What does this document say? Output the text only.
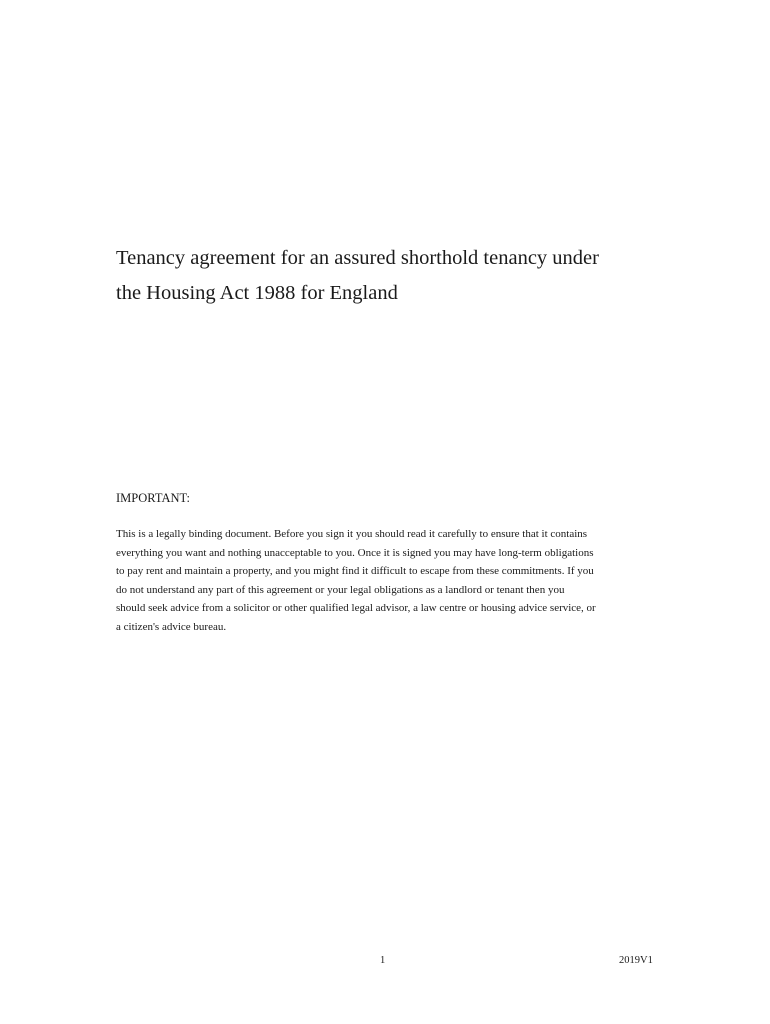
Tenancy agreement for an assured shorthold tenancy under
the Housing Act 1988 for England

IMPORTANT:

This is a legally binding document. Before you sign it you should read it carefully to ensure that it contains
everything you want and nothing unacceptable to you. Once it is signed you may have long-term obligations
to pay rent and maintain a property, and you might find it difficult to escape from these commitments. If you
do not understand any part of this agreement or your legal obligations as a landlord or tenant then you
should seek advice from a solicitor or other qualified legal advisor, a law centre or housing advice service, or
a citizen's advice bureau.

1	2019V1
